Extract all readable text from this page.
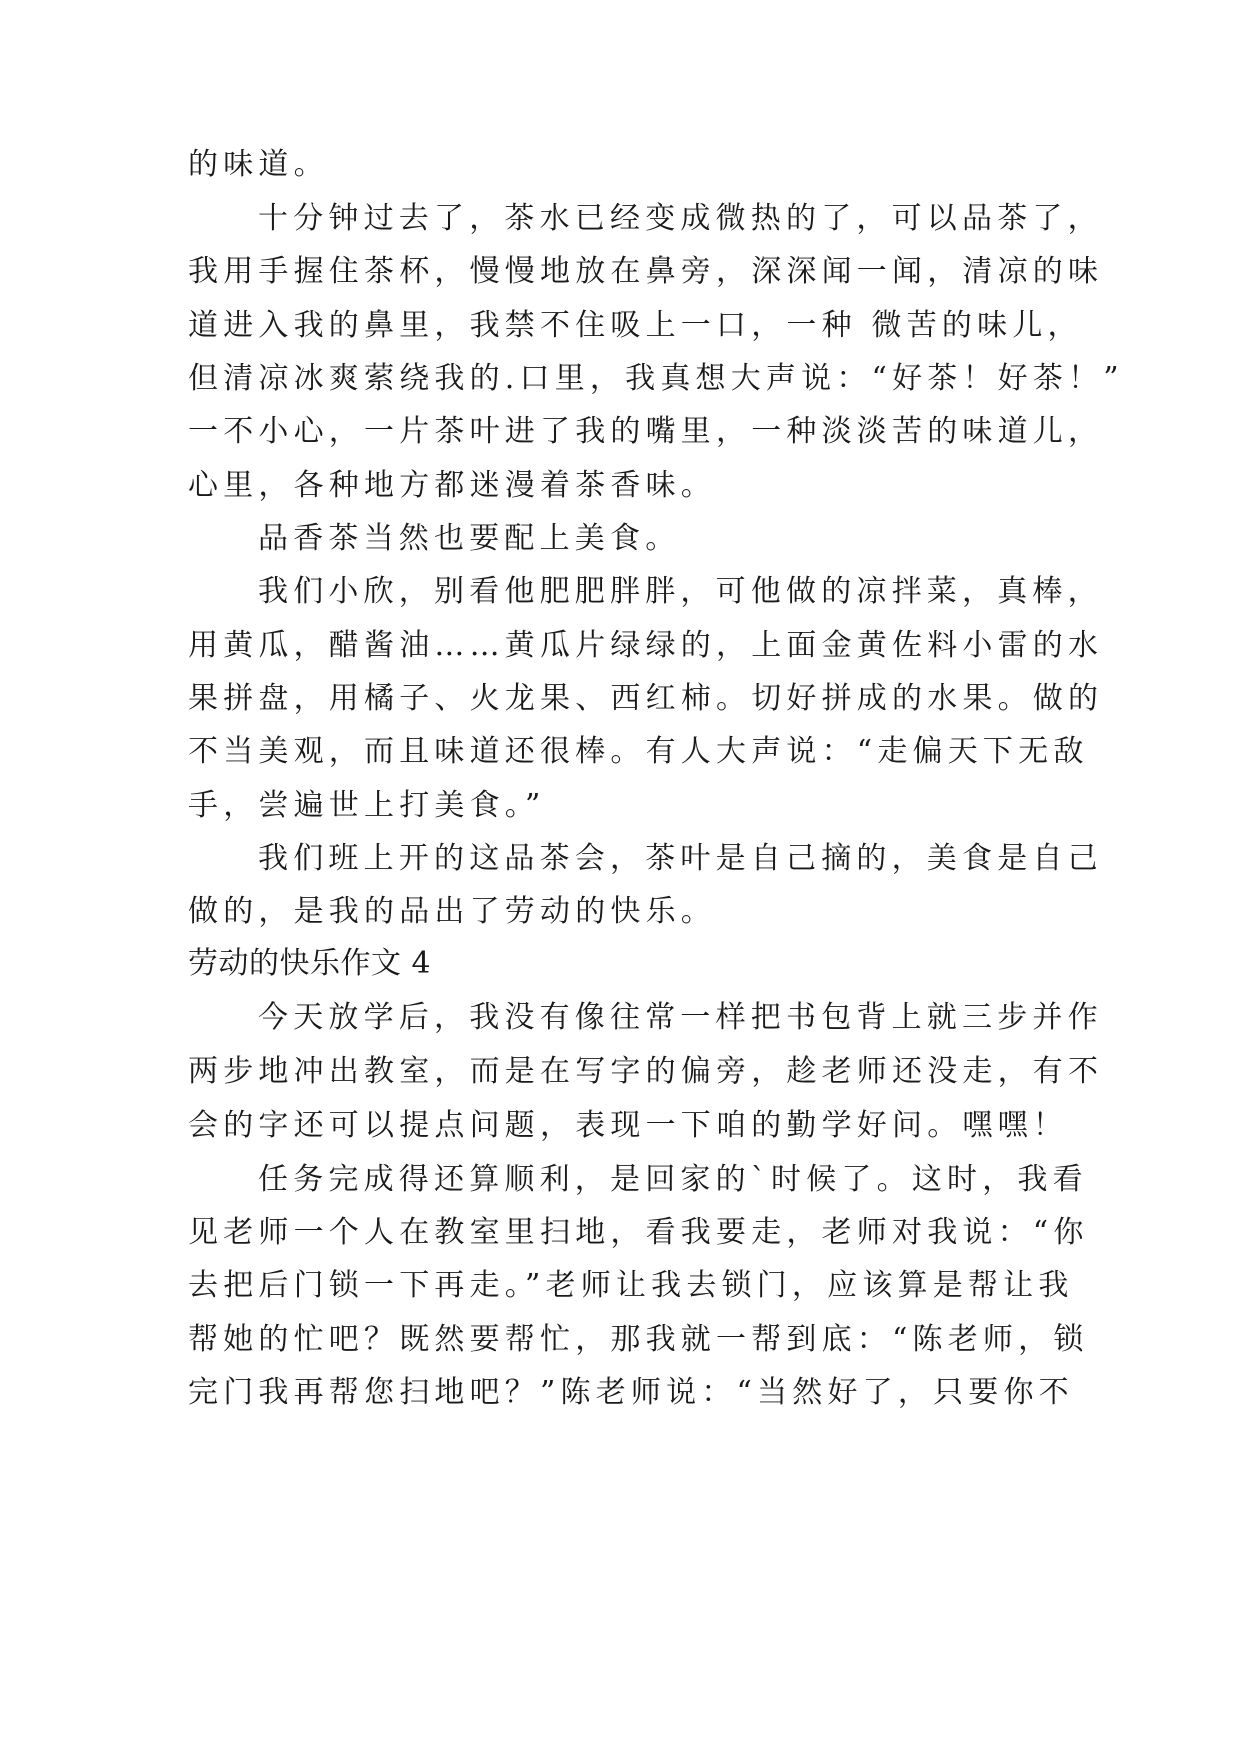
的味道。
十分钟过去了，茶水已经变成微热的了，可以品茶了，
我用手握住茶杯，慢慢地放在鼻旁，深深闻一闻，清凉的味
道进入我的鼻里，我禁不住吸上一口，一种 微苦的味儿，
但清凉冰爽萦绕我的.口里，我真想大声说：“好茶！好茶！”
一不小心，一片茶叶进了我的嘴里，一种淡淡苦的味道儿，
心里，各种地方都迷漫着茶香味。
品香茶当然也要配上美食。
我们小欣，别看他肥肥胖胖，可他做的凉拌菜，真棒，
用黄瓜，醋酱油……黄瓜片绿绿的，上面金黄佐料小雷的水
果拼盘，用橘子、火龙果、西红柿。切好拼成的水果。做的
不当美观，而且味道还很棒。有人大声说：“走偏天下无敌
手，尝遍世上打美食。”
我们班上开的这品茶会，茶叶是自己摘的，美食是自己
做的，是我的品出了劳动的快乐。
劳动的快乐作文 4
今天放学后，我没有像往常一样把书包背上就三步并作
两步地冲出教室，而是在写字的偏旁，趁老师还没走，有不
会的字还可以提点问题，表现一下咱的勤学好问。嘿嘿！
任务完成得还算顺利，是回家的`时候了。这时，我看
见老师一个人在教室里扫地，看我要走，老师对我说：“你
去把后门锁一下再走。”老师让我去锁门，应该算是帮让我
帮她的忙吧？既然要帮忙，那我就一帮到底：“陈老师，锁
完门我再帮您扫地吧？”陈老师说：“当然好了，只要你不
